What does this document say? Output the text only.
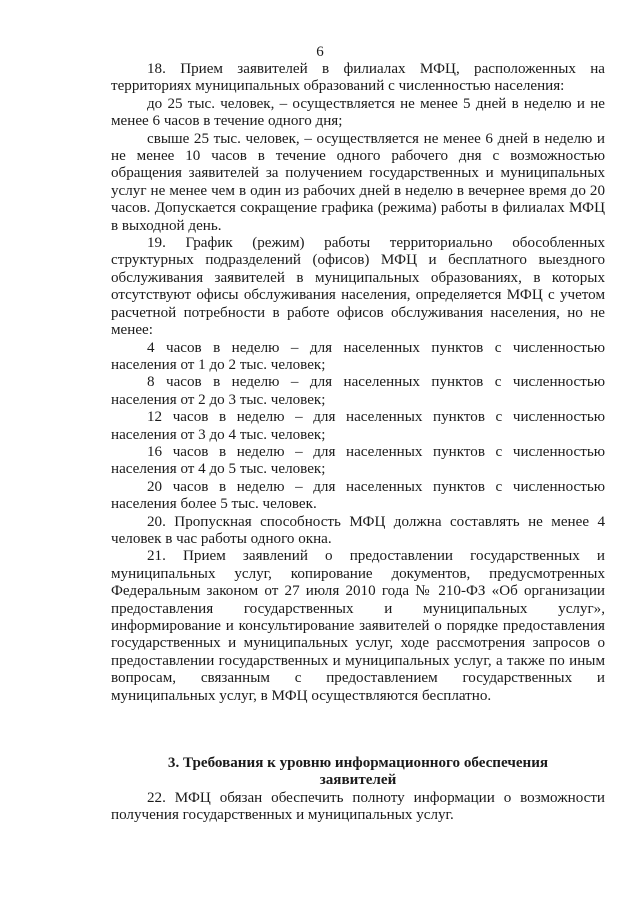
6

18. Прием заявителей в филиалах МФЦ, расположенных на территориях муниципальных образований с численностью населения:

до 25 тыс. человек, – осуществляется не менее 5 дней в неделю и не менее 6 часов в течение одного дня;

свыше 25 тыс. человек, – осуществляется не менее 6 дней в неделю и не менее 10 часов в течение одного рабочего дня с возможностью обращения заявителей за получением государственных и муниципальных услуг не менее чем в один из рабочих дней в неделю в вечернее время до 20 часов. Допускается сокращение графика (режима) работы в филиалах МФЦ в выходной день.

19. График (режим) работы территориально обособленных структурных подразделений (офисов) МФЦ и бесплатного выездного обслуживания заявителей в муниципальных образованиях, в которых отсутствуют офисы обслуживания населения, определяется МФЦ с учетом расчетной потребности в работе офисов обслуживания населения, но не менее:

4 часов в неделю – для населенных пунктов с численностью населения от 1 до 2 тыс. человек;

8 часов в неделю – для населенных пунктов с численностью населения от 2 до 3 тыс. человек;

12 часов в неделю – для населенных пунктов с численностью населения от 3 до 4 тыс. человек;

16 часов в неделю – для населенных пунктов с численностью населения от 4 до 5 тыс. человек;

20 часов в неделю – для населенных пунктов с численностью населения более 5 тыс. человек.

20. Пропускная способность МФЦ должна составлять не менее 4 человек в час работы одного окна.

21. Прием заявлений о предоставлении государственных и муниципальных услуг, копирование документов, предусмотренных Федеральным законом от 27 июля 2010 года № 210-ФЗ «Об организации предоставления государственных и муниципальных услуг», информирование и консультирование заявителей о порядке предоставления государственных и муниципальных услуг, ходе рассмотрения запросов о предоставлении государственных и муниципальных услуг, а также по иным вопросам, связанным с предоставлением государственных и муниципальных услуг, в МФЦ осуществляются бесплатно.

3. Требования к уровню информационного обеспечения заявителей

22. МФЦ обязан обеспечить полноту информации о возможности получения государственных и муниципальных услуг.
